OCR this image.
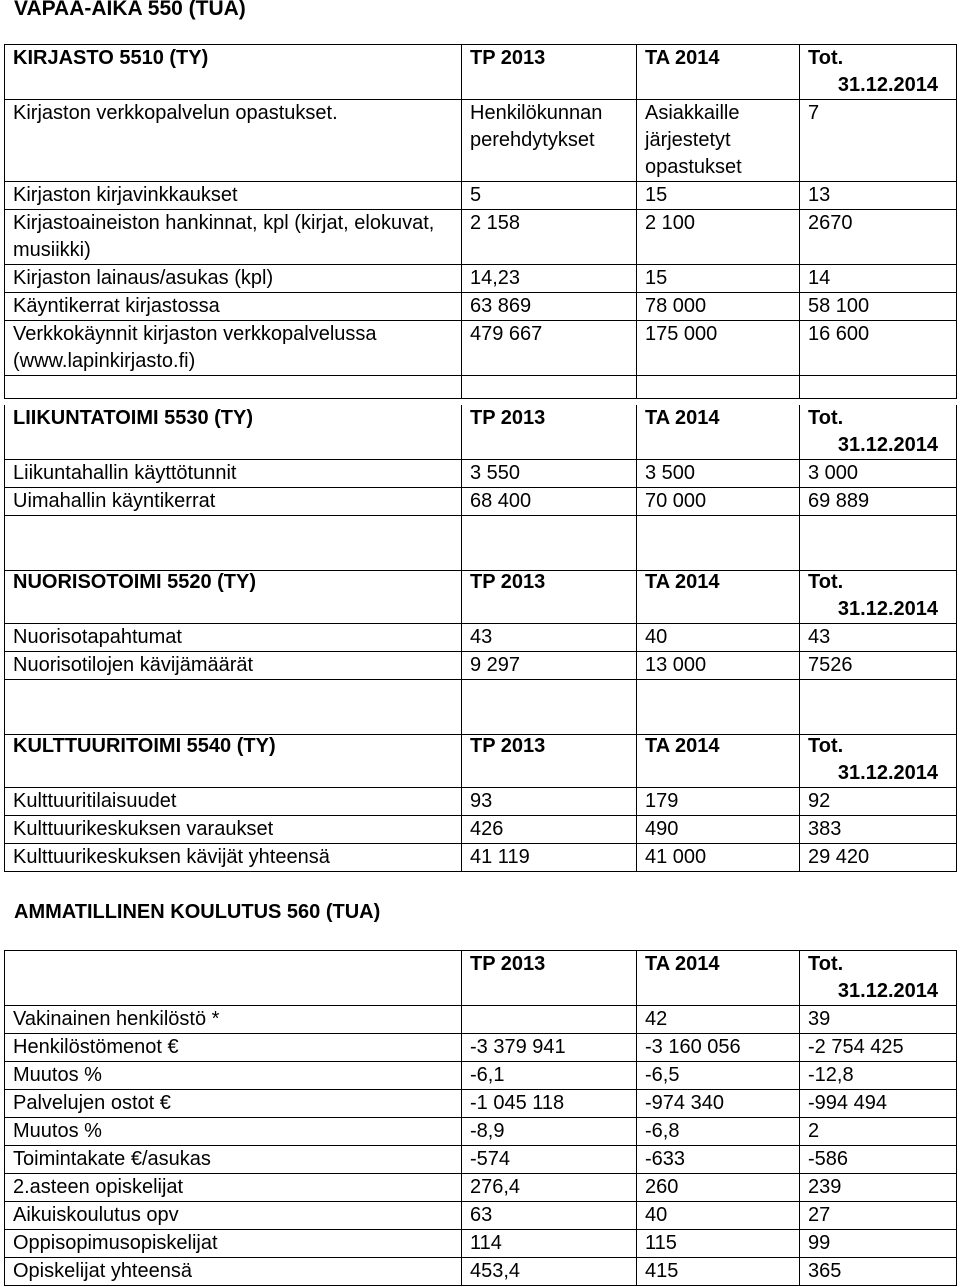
VAPAA-AIKA 550 (TUA)
KIRJASTO 5510 (TY)	TP 2013	TA 2014	Tot.
31.12.2014

Kirjaston verkkopalvelun opastukset.	Henkilökunnan perehdytykset	Asiakkaille järjestetyt opastukset	7
Kirjaston kirjavinkkaukset	5	15	13
Kirjastoaineiston hankinnat, kpl (kirjat, elokuvat, musiikki)	2 158	2 100	2670
Kirjaston lainaus/asukas (kpl)	14,23	15	14
Käyntikerrat kirjastossa	63 869	78 000	58 100
Verkkokäynnit kirjaston verkkopalvelussa (www.lapinkirjasto.fi)	479 667	175 000	16 600

LIIKUNTATOIMI 5530 (TY)	TP 2013	TA 2014	Tot.
31.12.2014

Liikuntahallin käyttötunnit	3 550	3 500	3 000
Uimahallin käyntikerrat	68 400	70 000	69 889

NUORISOTOIMI 5520 (TY)	TP 2013	TA 2014	Tot.
31.12.2014

Nuorisotapahtumat	43	40	43
Nuorisotilojen kävijämäärät	9 297	13 000	7526

KULTTUURITOIMI 5540 (TY)	TP 2013	TA 2014	Tot.
31.12.2014

Kulttuuritilaisuudet	93	179	92
Kulttuurikeskuksen varaukset	426	490	383
Kulttuurikeskuksen kävijät yhteensä	41 119	41 000	29 420
AMMATILLINEN KOULUTUS 560 (TUA)
	TP 2013	TA 2014	Tot.
31.12.2014

Vakinainen henkilöstö *		42	39
Henkilöstömenot €	-3 379 941	-3 160 056	-2 754 425
Muutos %	-6,1	-6,5	-12,8
Palvelujen ostot €	-1 045 118	-974 340	-994 494
Muutos %	-8,9	-6,8	2
Toimintakate €/asukas	-574	-633	-586
2.asteen opiskelijat	276,4	260	239
Aikuiskoulutus opv	63	40	27
Oppisopimusopiskelijat	114	115	99
Opiskelijat yhteensä	453,4	415	365
